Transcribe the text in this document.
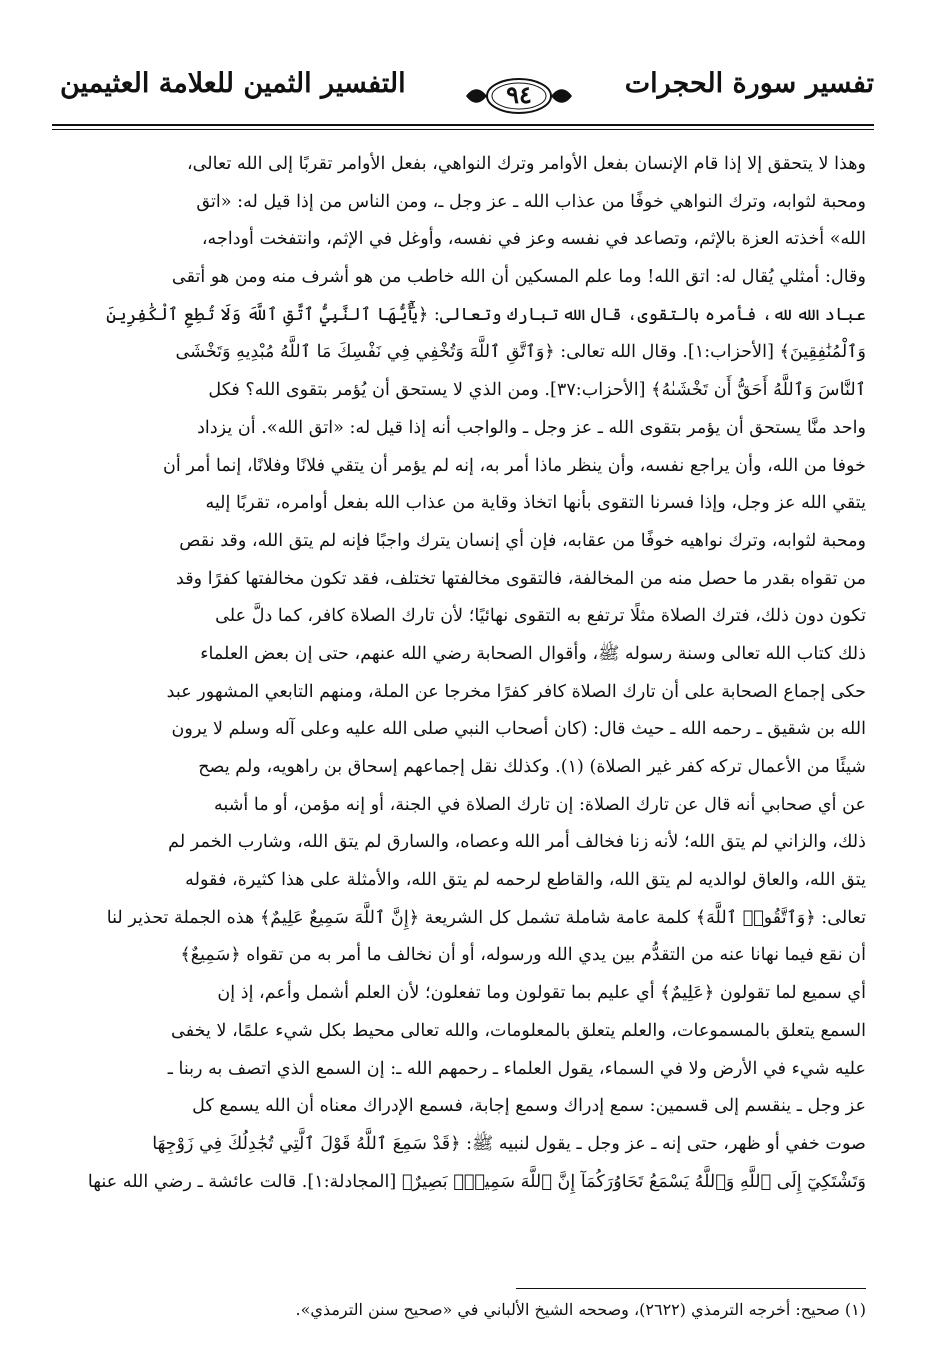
تفسير سورة الحجرات
٩٤
التفسير الثمين للعلامة العثيمين

وهذا لا يتحقق إلا إذا قام الإنسان بفعل الأوامر وترك النواهي، بفعل الأوامر تقربًا إلى الله تعالى،

ومحبة لثوابه، وترك النواهي خوفًا من عذاب الله ـ عز وجل ـ، ومن الناس من إذا قيل له: «اتق

الله» أخذته العزة بالإثم، وتصاعد في نفسه وعز في نفسه، وأوغل في الإثم، وانتفخت أوداجه،

وقال: أمثلي يُقال له: اتق الله! وما علم المسكين أن الله خاطب من هو أشرف منه ومن هو أتقى

عباد الله لله، فأمره بالتقوى، قال الله تبارك وتعالى: ﴿يَٰٓأَيُّهَا ٱلنَّبِيُّ ٱتَّقِ ٱللَّهَ وَلَا تُطِعِ ٱلْكَٰفِرِينَ

وَٱلْمُنَٰفِقِينَ﴾ [الأحزاب:١]. وقال الله تعالى: ﴿وَٱتَّقِ ٱللَّهَ وَتُخْفِي فِي نَفْسِكَ مَا ٱللَّهُ مُبْدِيهِ وَتَخْشَى

ٱلنَّاسَ وَٱللَّهُ أَحَقُّ أَن تَخْشَىٰهُ﴾ [الأحزاب:٣٧]. ومن الذي لا يستحق أن يُؤمر بتقوى الله؟ فكل

واحد منَّا يستحق أن يؤمر بتقوى الله ـ عز وجل ـ والواجب أنه إذا قيل له: «اتق الله». أن يزداد

خوفا من الله، وأن يراجع نفسه، وأن ينظر ماذا أمر به، إنه لم يؤمر أن يتقي فلانًا وفلانًا، إنما أمر أن

يتقي الله عز وجل، وإذا فسرنا التقوى بأنها اتخاذ وقاية من عذاب الله بفعل أوامره، تقربًا إليه

ومحبة لثوابه، وترك نواهيه خوفًا من عقابه، فإن أي إنسان يترك واجبًا فإنه لم يتق الله، وقد نقص

من تقواه بقدر ما حصل منه من المخالفة، فالتقوى مخالفتها تختلف، فقد تكون مخالفتها كفرًا وقد

تكون دون ذلك، فترك الصلاة مثلًا ترتفع به التقوى نهائيًا؛ لأن تارك الصلاة كافر، كما دلَّ على

ذلك كتاب الله تعالى وسنة رسوله ﷺ، وأقوال الصحابة رضي الله عنهم، حتى إن بعض العلماء

حكى إجماع الصحابة على أن تارك الصلاة كافر كفرًا مخرجا عن الملة، ومنهم التابعي المشهور عبد

الله بن شقيق ـ رحمه الله ـ حيث قال: (كان أصحاب النبي صلى الله عليه وعلى آله وسلم لا يرون

شيئًا من الأعمال تركه كفر غير الصلاة) (١). وكذلك نقل إجماعهم إسحاق بن راهويه، ولم يصح

عن أي صحابي أنه قال عن تارك الصلاة: إن تارك الصلاة في الجنة، أو إنه مؤمن، أو ما أشبه

ذلك، والزاني لم يتق الله؛ لأنه زنا فخالف أمر الله وعصاه، والسارق لم يتق الله، وشارب الخمر لم

يتق الله، والعاق لوالديه لم يتق الله، والقاطع لرحمه لم يتق الله، والأمثلة على هذا كثيرة، فقوله

تعالى: ﴿وَٱتَّقُوا۟ ٱللَّهَ﴾ كلمة عامة شاملة تشمل كل الشريعة ﴿إِنَّ ٱللَّهَ سَمِيعٌ عَلِيمٌ﴾ هذه الجملة تحذير لنا

أن نقع فيما نهانا عنه من التقدُّم بين يدي الله ورسوله، أو أن نخالف ما أمر به من تقواه ﴿سَمِيعٌ﴾

أي سميع لما تقولون ﴿عَلِيمٌ﴾ أي عليم بما تقولون وما تفعلون؛ لأن العلم أشمل وأعم، إذ إن

السمع يتعلق بالمسموعات، والعلم يتعلق بالمعلومات، والله تعالى محيط بكل شيء علمًا، لا يخفى

عليه شيء في الأرض ولا في السماء، يقول العلماء ـ رحمهم الله ـ: إن السمع الذي اتصف به ربنا ـ

عز وجل ـ ينقسم إلى قسمين: سمع إدراك وسمع إجابة، فسمع الإدراك معناه أن الله يسمع كل

صوت خفي أو ظهر، حتى إنه ـ عز وجل ـ يقول لنبيه ﷺ: ﴿قَدْ سَمِعَ ٱللَّهُ قَوْلَ ٱلَّتِي تُجَٰدِلُكَ فِي زَوْجِهَا

وَتَشْتَكِيٓ إِلَى ٱللَّهِ وَٱللَّهُ يَسْمَعُ تَحَاوُرَكُمَآ إِنَّ ٱللَّهَ سَمِيعٌۢ بَصِيرٌ﴾ [المجادلة:١]. قالت عائشة ـ رضي الله عنها

(١) صحيح: أخرجه الترمذي (٢٦٢٢)، وصححه الشيخ الألباني في «صحيح سنن الترمذي».
